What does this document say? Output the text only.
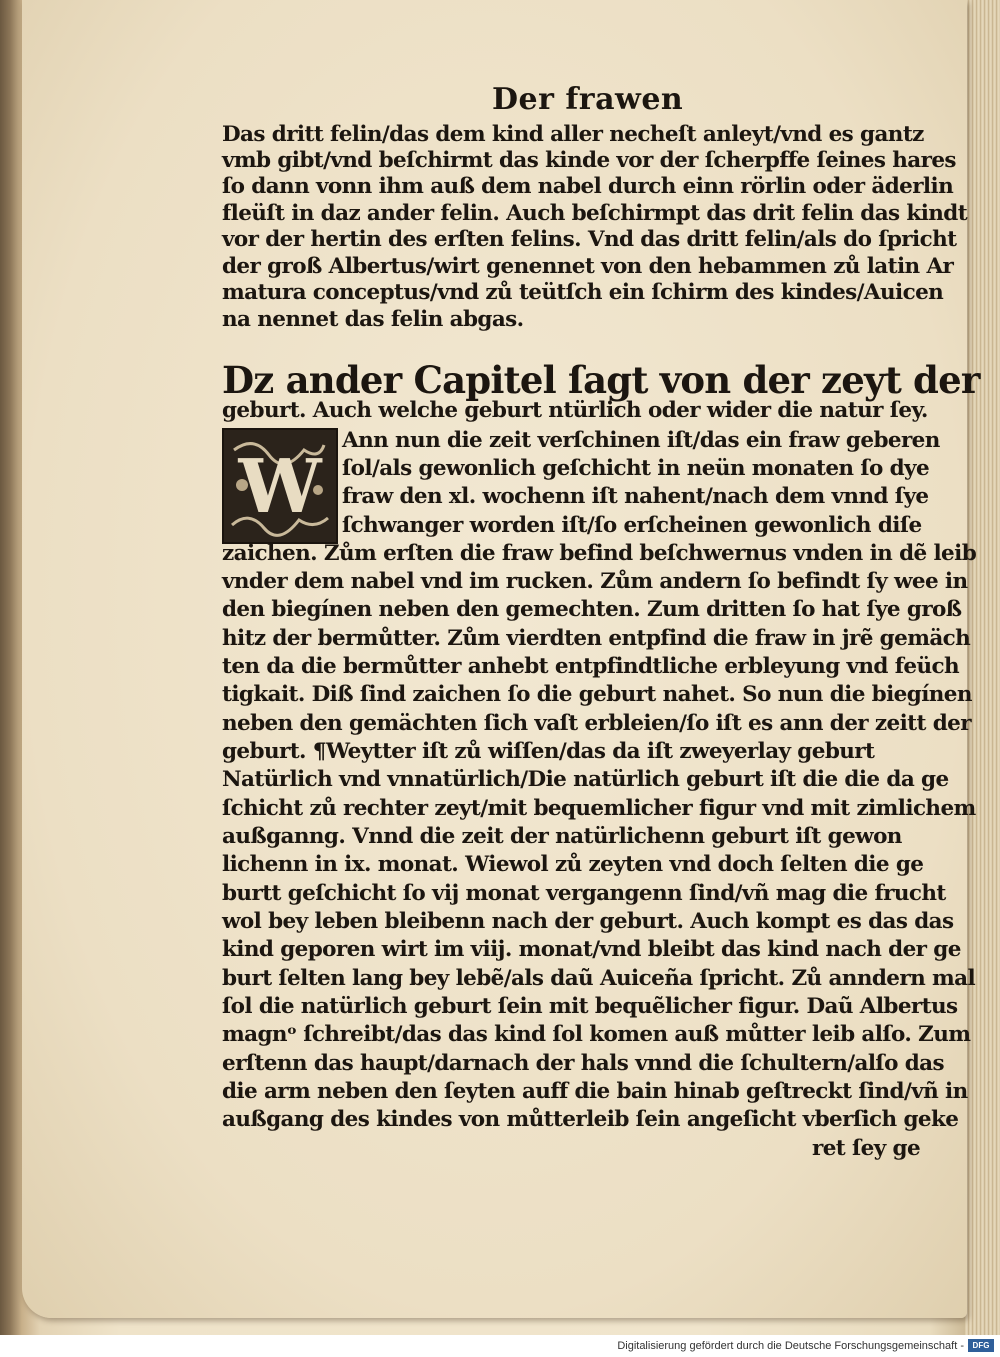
Der frawen
Das dritt felin/das dem kind aller necheſt anleyt/vnd es gantz
vmb gibt/vnd beſchirmt das kinde vor der ſcherpffe ſeines hares
ſo dann vonn ihm auß dem nabel durch einn rörlin oder äderlin
fleüſt in daz ander felin. Auch beſchirmpt das drit felin das kindt
vor der hertin des erſten felins. Vnd das dritt felin/als do ſpricht
der groß Albertus/wirt genennet von den hebammen zů latin Ar
matura conceptus/vnd zů teütſch ein ſchirm des kindes/Auicen
na nennet das felin abgas.
Dz ander Capitel ſagt von der zeyt der
geburt. Auch welche geburt ntürlich oder wider die natur ſey.
W
Ann nun die zeit verſchinen iſt/das ein fraw geberen
ſol/als gewonlich geſchicht in neün monaten ſo dye
fraw den xl. wochenn iſt nahent/nach dem vnnd ſye
ſchwanger worden iſt/ſo erſcheinen gewonlich diſe
zaichen. Zům erſten die fraw befind beſchwernus vnden in dẽ leib
vnder dem nabel vnd im rucken. Zům andern ſo befindt ſy wee in
den biegínen neben den gemechten. Zum dritten ſo hat ſye groß
hitz der bermůtter. Zům vierdten entpfind die fraw in jrẽ gemäch
ten da die bermůtter anhebt entpfindtliche erbleyung vnd feüch
tigkait. Diß ſind zaichen ſo die geburt nahet. So nun die biegínen
neben den gemächten ſich vaſt erbleien/ſo iſt es ann der zeitt der
geburt. ¶Weytter iſt zů wiſſen/das da iſt zweyerlay geburt
Natürlich vnd vnnatürlich/Die natürlich geburt iſt die die da ge
ſchicht zů rechter zeyt/mit bequemlicher figur vnd mit zimlichem
außganng. Vnnd die zeit der natürlichenn geburt iſt gewon
lichenn in ix. monat. Wiewol zů zeyten vnd doch ſelten die ge
burtt geſchicht ſo vij monat vergangenn ſind/vñ mag die frucht
wol bey leben bleibenn nach der geburt. Auch kompt es das das
kind geporen wirt im viij. monat/vnd bleibt das kind nach der ge
burt ſelten lang bey lebẽ/als daũ Auiceña ſpricht. Zů anndern mal
ſol die natürlich geburt ſein mit bequẽlicher figur. Daũ Albertus
magnᵒ ſchreibt/das das kind ſol komen auß můtter leib alſo. Zum
erſtenn das haupt/darnach der hals vnnd die ſchultern/alſo das
die arm neben den ſeyten auff die bain hinab geſtreckt ſind/vñ in
außgang des kindes von můtterleib ſein angeſicht vberſich geke
ret ſey ge
Digitalisierung gefördert durch die Deutsche Forschungsgemeinschaft -	DFG
